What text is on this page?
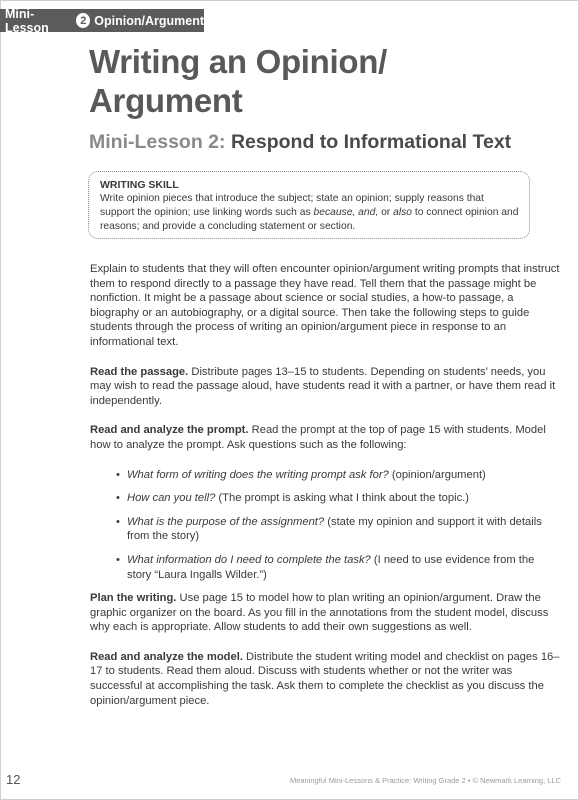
Mini-Lesson	2 Opinion/Argument
Writing an Opinion/
Argument
Mini-Lesson 2: Respond to Informational Text
WRITING SKILL
Write opinion pieces that introduce the subject; state an opinion; supply reasons that support the opinion; use linking words such as because, and, or also to connect opinion and reasons; and provide a concluding statement or section.

Explain to students that they will often encounter opinion/argument writing prompts that instruct them to respond directly to a passage they have read. Tell them that the passage might be nonfiction. It might be a passage about science or social studies, a how-to passage, a biography or an autobiography, or a digital source. Then take the following steps to guide students through the process of writing an opinion/argument piece in response to an informational text.

Read the passage. Distribute pages 13–15 to students. Depending on students’ needs, you may wish to read the passage aloud, have students read it with a partner, or have them read it independently.

Read and analyze the prompt. Read the prompt at the top of page 15 with students. Model how to analyze the prompt. Ask questions such as the following:

• What form of writing does the writing prompt ask for? (opinion/argument)
• How can you tell? (The prompt is asking what I think about the topic.)
• What is the purpose of the assignment? (state my opinion and support it with details from the story)
• What information do I need to complete the task? (I need to use evidence from the story “Laura Ingalls Wilder.”)

Plan the writing. Use page 15 to model how to plan writing an opinion/argument. Draw the graphic organizer on the board. As you fill in the annotations from the student model, discuss why each is appropriate. Allow students to add their own suggestions as well.

Read and analyze the model. Distribute the student writing model and checklist on pages 16–17 to students. Read them aloud. Discuss with students whether or not the writer was successful at accomplishing the task. Ask them to complete the checklist as you discuss the opinion/argument piece.

12	Meaningful Mini-Lessons & Practice: Writing Grade 2 • © Newmark Learning, LLC
